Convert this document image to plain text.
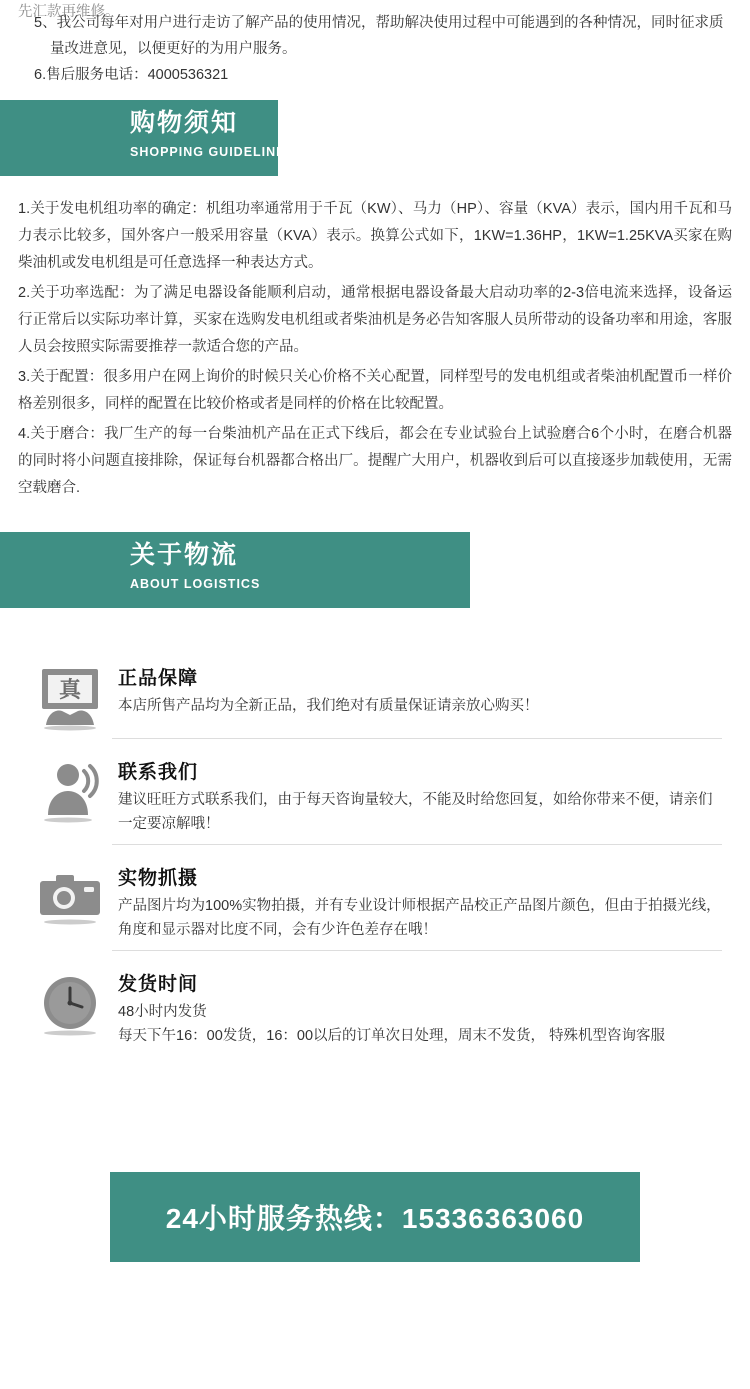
先汇款再维修。

5、我公司每年对用户进行走访了解产品的使用情况，帮助解决使用过程中可能遇到的各种情况，同时征求质量改进意见，以便更好的为用户服务。

6.售后服务电话：4000536321

购物须知

SHOPPING GUIDELINES

1.关于发电机组功率的确定：机组功率通常用于千瓦（KW）、马力（HP）、容量（KVA）表示，国内用千瓦和马力表示比较多，国外客户一般采用容量（KVA）表示。换算公式如下，1KW=1.36HP，1KW=1.25KVA买家在购柴油机或发电机组是可任意选择一种表达方式。

2.关于功率选配：为了满足电器设备能顺利启动，通常根据电器设备最大启动功率的2-3倍电流来选择，设备运行正常后以实际功率计算，买家在选购发电机组或者柴油机是务必告知客服人员所带动的设备功率和用途，客服人员会按照实际需要推荐一款适合您的产品。

3.关于配置：很多用户在网上询价的时候只关心价格不关心配置，同样型号的发电机组或者柴油机配置币一样价格差别很多，同样的配置在比较价格或者是同样的价格在比较配置。

4.关于磨合：我厂生产的每一台柴油机产品在正式下线后，都会在专业试验台上试验磨合6个小时，在磨合机器的同时将小问题直接排除，保证每台机器都合格出厂。提醒广大用户，机器收到后可以直接逐步加载使用，无需空载磨合.

关于物流

ABOUT LOGISTICS

真 正品保障

本店所售产品均为全新正品，我们绝对有质量保证请亲放心购买！

联系我们

建议旺旺方式联系我们，由于每天咨询量较大，不能及时给您回复，如给你带来不便，请亲们一定要凉解哦！

实物抓摄

产品图片均为100%实物拍摄，并有专业设计师根据产品校正产品图片颜色，但由于拍摄光线，角度和显示器对比度不同，会有少许色差存在哦！

发货时间

48小时内发货

每天下午16：00发货，16：00以后的订单次日处理，周末不发货， 特殊机型咨询客服

24小时服务热线：15336363060
